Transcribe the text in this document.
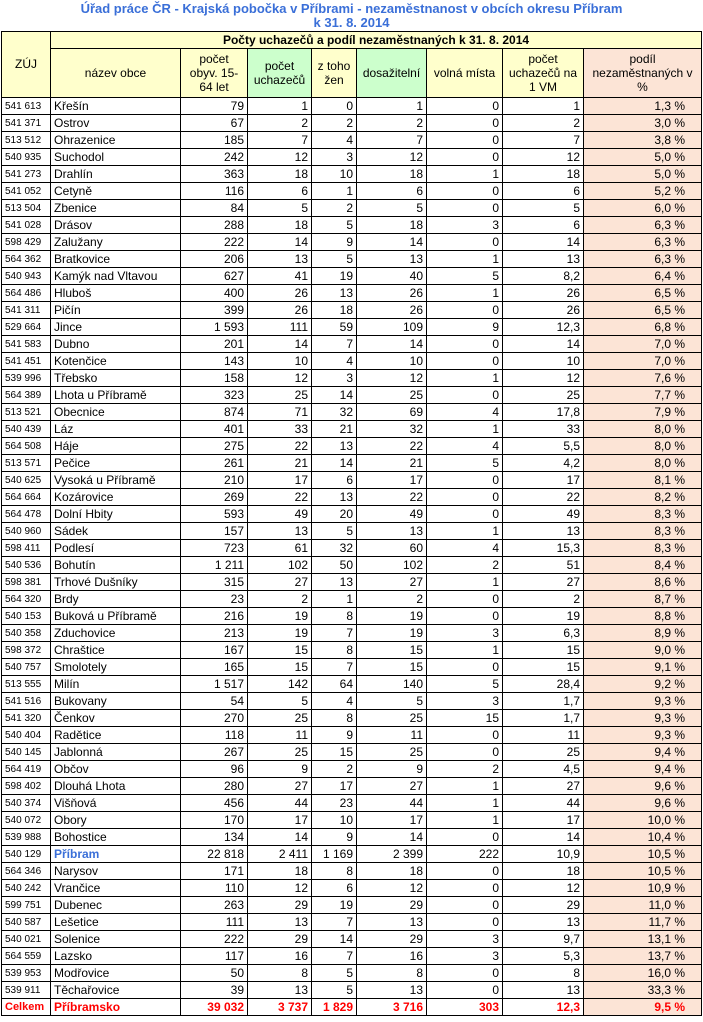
Úřad práce ČR - Krajská pobočka v Příbrami - nezaměstnanost v obcích okresu Příbram
k 31. 8. 2014
ZÚJ	Počty uchazečů a podíl nezaměstnaných k 31. 8. 2014							
	název obce	počet obyv. 15-64 let	počet uchazečů	z toho žen	dosažitelní	volná místa	počet uchazečů na 1 VM	podíl nezaměstnaných v %
541 613	Křešín	79	1	0	1	0	1	1,3 %
541 371	Ostrov	67	2	2	2	0	2	3,0 %
513 512	Ohrazenice	185	7	4	7	0	7	3,8 %
540 935	Suchodol	242	12	3	12	0	12	5,0 %
541 273	Drahlín	363	18	10	18	1	18	5,0 %
541 052	Cetyně	116	6	1	6	0	6	5,2 %
513 504	Zbenice	84	5	2	5	0	5	6,0 %
541 028	Drásov	288	18	5	18	3	6	6,3 %
598 429	Zalužany	222	14	9	14	0	14	6,3 %
564 362	Bratkovice	206	13	5	13	1	13	6,3 %
540 943	Kamýk nad Vltavou	627	41	19	40	5	8,2	6,4 %
564 486	Hluboš	400	26	13	26	1	26	6,5 %
541 311	Pičín	399	26	18	26	0	26	6,5 %
529 664	Jince	1 593	111	59	109	9	12,3	6,8 %
541 583	Dubno	201	14	7	14	0	14	7,0 %
541 451	Kotenčice	143	10	4	10	0	10	7,0 %
539 996	Třebsko	158	12	3	12	1	12	7,6 %
564 389	Lhota u Příbramě	323	25	14	25	0	25	7,7 %
513 521	Obecnice	874	71	32	69	4	17,8	7,9 %
540 439	Láz	401	33	21	32	1	33	8,0 %
564 508	Háje	275	22	13	22	4	5,5	8,0 %
513 571	Pečice	261	21	14	21	5	4,2	8,0 %
540 625	Vysoká u Příbramě	210	17	6	17	0	17	8,1 %
564 664	Kozárovice	269	22	13	22	0	22	8,2 %
564 478	Dolní Hbity	593	49	20	49	0	49	8,3 %
540 960	Sádek	157	13	5	13	1	13	8,3 %
598 411	Podlesí	723	61	32	60	4	15,3	8,3 %
540 536	Bohutín	1 211	102	50	102	2	51	8,4 %
598 381	Trhové Dušníky	315	27	13	27	1	27	8,6 %
564 320	Brdy	23	2	1	2	0	2	8,7 %
540 153	Buková u Příbramě	216	19	8	19	0	19	8,8 %
540 358	Zduchovice	213	19	7	19	3	6,3	8,9 %
598 372	Chraštice	167	15	8	15	1	15	9,0 %
540 757	Smolotely	165	15	7	15	0	15	9,1 %
513 555	Milín	1 517	142	64	140	5	28,4	9,2 %
541 516	Bukovany	54	5	4	5	3	1,7	9,3 %
541 320	Čenkov	270	25	8	25	15	1,7	9,3 %
540 404	Radětice	118	11	9	11	0	11	9,3 %
540 145	Jablonná	267	25	15	25	0	25	9,4 %
564 419	Občov	96	9	2	9	2	4,5	9,4 %
598 402	Dlouhá Lhota	280	27	17	27	1	27	9,6 %
540 374	Višňová	456	44	23	44	1	44	9,6 %
540 072	Obory	170	17	10	17	1	17	10,0 %
539 988	Bohostice	134	14	9	14	0	14	10,4 %
540 129	Příbram	22 818	2 411	1 169	2 399	222	10,9	10,5 %
564 346	Narysov	171	18	8	18	0	18	10,5 %
540 242	Vrančice	110	12	6	12	0	12	10,9 %
599 751	Dubenec	263	29	19	29	0	29	11,0 %
540 587	Lešetice	111	13	7	13	0	13	11,7 %
540 021	Solenice	222	29	14	29	3	9,7	13,1 %
564 559	Lazsko	117	16	7	16	3	5,3	13,7 %
539 953	Modřovice	50	8	5	8	0	8	16,0 %
539 911	Těchařovice	39	13	5	13	0	13	33,3 %
Celkem	Příbramsko	39 032	3 737	1 829	3 716	303	12,3	9,5 %
